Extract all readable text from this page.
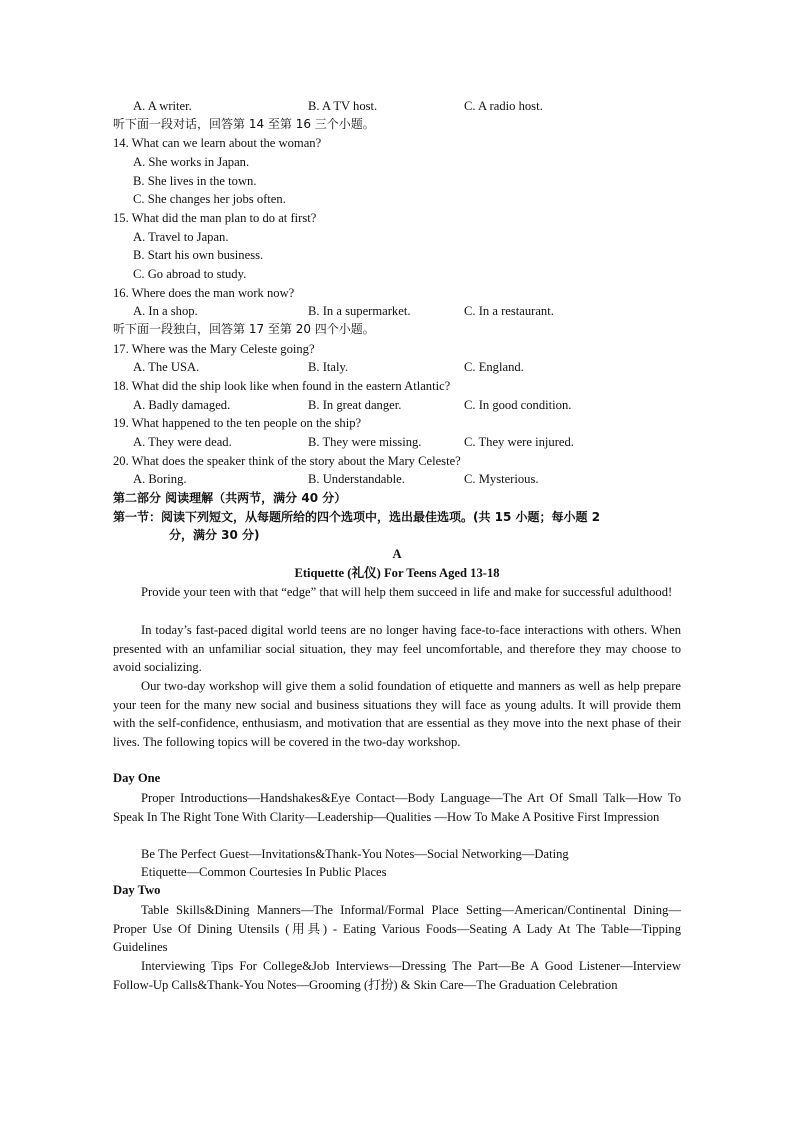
A. A writer.	B. A TV host.	C. A radio host.
听下面一段对话，回答第 14 至第 16 三个小题。
14. What can we learn about the woman?
A. She works in Japan.
B. She lives in the town.
C. She changes her jobs often.
15. What did the man plan to do at first?
A. Travel to Japan.
B. Start his own business.
C. Go abroad to study.
16. Where does the man work now?
A. In a shop.	B. In a supermarket.	C. In a restaurant.
听下面一段独白，回答第 17 至第 20 四个小题。
17. Where was the Mary Celeste going?
A. The USA.	B. Italy.	C. England.
18. What did the ship look like when found in the eastern Atlantic?
A. Badly damaged.	B. In great danger.	C. In good condition.
19. What happened to the ten people on the ship?
A. They were dead.	B. They were missing.	C. They were injured.
20. What does the speaker think of the story about the Mary Celeste?
A. Boring.	B. Understandable.	C. Mysterious.
第二部分 阅读理解（共两节，满分 40 分）
第一节：阅读下列短文，从每题所给的四个选项中，选出最佳选项。(共 15 小题；每小题 2
分，满分 30 分)
A
Etiquette (礼仪) For Teens Aged 13-18
Provide your teen with that “edge” that will help them succeed in life and make for successful adulthood!
In today’s fast-paced digital world teens are no longer having face-to-face interactions with others. When presented with an unfamiliar social situation, they may feel uncomfortable, and therefore they may choose to avoid socializing.
Our two-day workshop will give them a solid foundation of etiquette and manners as well as help prepare your teen for the many new social and business situations they will face as young adults. It will provide them with the self-confidence, enthusiasm, and motivation that are essential as they move into the next phase of their lives. The following topics will be covered in the two-day workshop.
Day One
Proper Introductions—Handshakes&Eye Contact—Body Language—The Art Of Small Talk—How To Speak In The Right Tone With Clarity—Leadership—Qualities —How To Make A Positive First Impression
Be The Perfect Guest—Invitations&Thank-You Notes—Social Networking—Dating
Etiquette—Common Courtesies In Public Places
Day Two
Table Skills&Dining Manners—The Informal/Formal Place Setting—American/Continental Dining—Proper Use Of Dining Utensils (用具) - Eating Various Foods—Seating A Lady At The Table—Tipping Guidelines
Interviewing Tips For College&Job Interviews—Dressing The Part—Be A Good Listener—Interview Follow-Up Calls&Thank-You Notes—Grooming (打扮) & Skin Care—The Graduation Celebration
